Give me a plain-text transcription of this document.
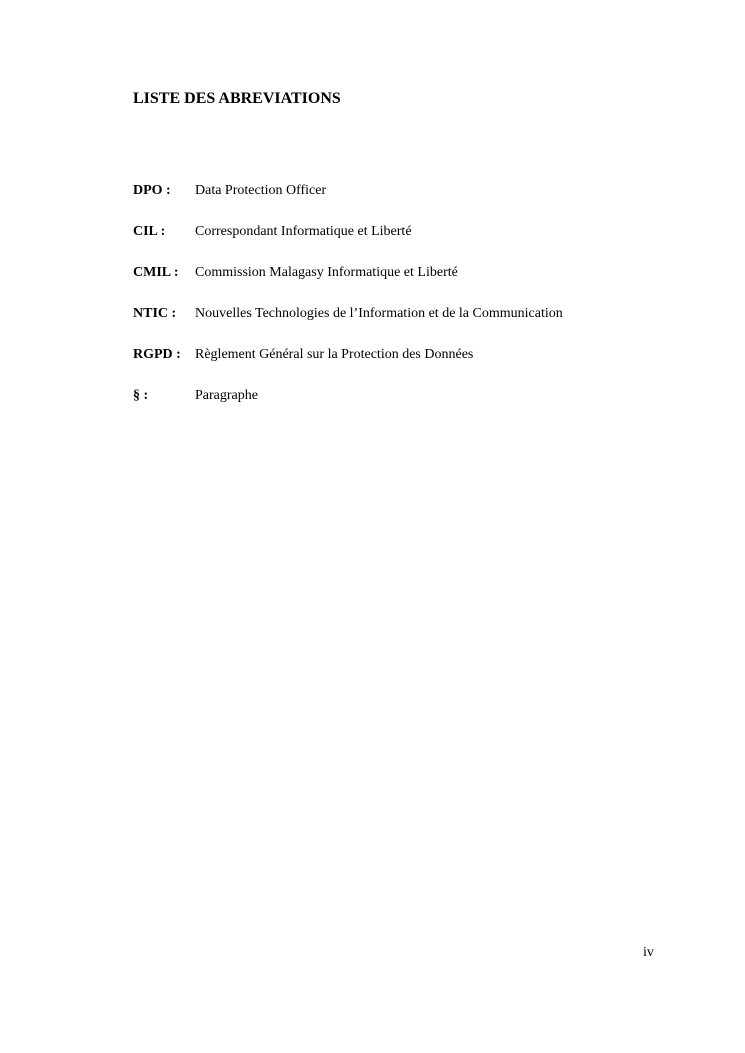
LISTE DES ABREVIATIONS
DPO :	Data Protection Officer
CIL :	Correspondant Informatique et Liberté
CMIL :	Commission Malagasy Informatique et Liberté
NTIC :	Nouvelles Technologies de l’Information et de la Communication
RGPD :	Règlement Général sur la Protection des Données
§ :	Paragraphe
iv
